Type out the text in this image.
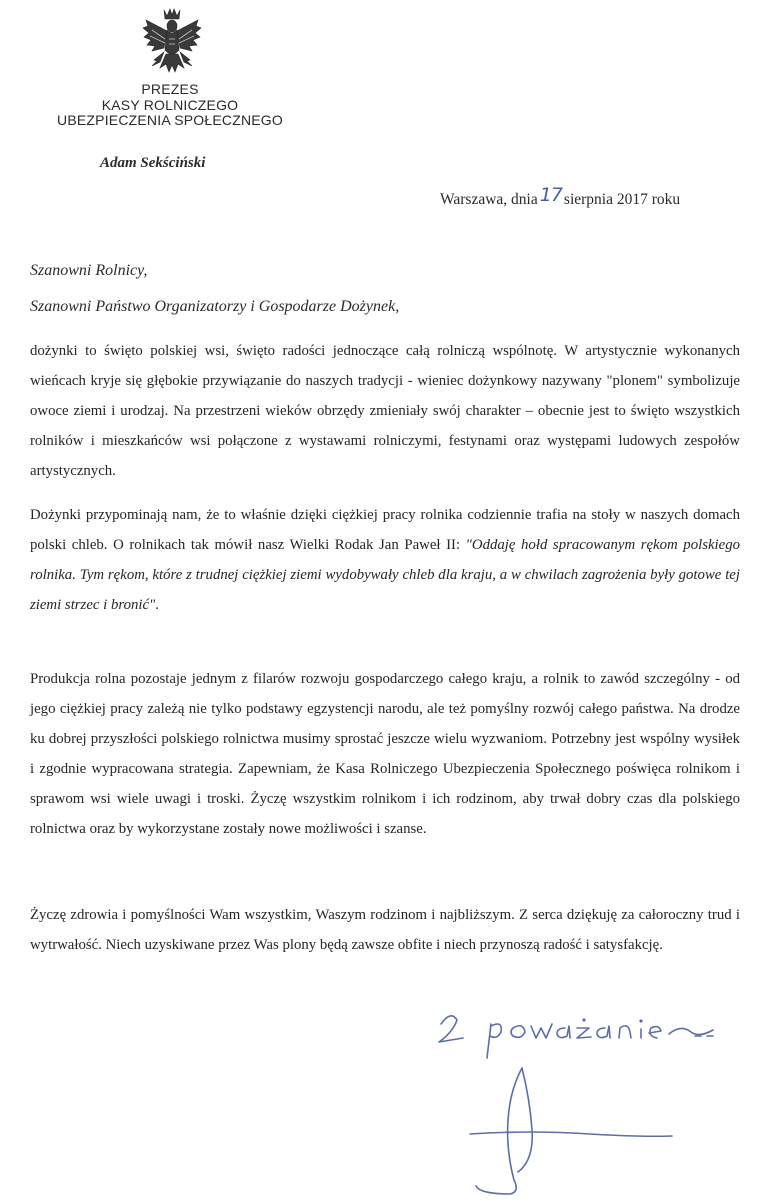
PREZES
KASY ROLNICZEGO
UBEZPIECZENIA SPOŁECZNEGO
Adam Sekściński
Warszawa, dnia 17 sierpnia 2017 roku
Szanowni Rolnicy,
Szanowni Państwo Organizatorzy i Gospodarze Dożynek,
dożynki to święto polskiej wsi, święto radości jednoczące całą rolniczą wspólnotę. W artystycznie wykonanych wieńcach kryje się głębokie przywiązanie do naszych tradycji - wieniec dożynkowy nazywany "plonem" symbolizuje owoce ziemi i urodzaj. Na przestrzeni wieków obrzędy zmieniały swój charakter – obecnie jest to święto wszystkich rolników i mieszkańców wsi połączone z wystawami rolniczymi, festynami oraz występami ludowych zespołów artystycznych.
Dożynki przypominają nam, że to właśnie dzięki ciężkiej pracy rolnika codziennie trafia na stoły w naszych domach polski chleb. O rolnikach tak mówił nasz Wielki Rodak Jan Paweł II: "Oddaję hołd spracowanym rękom polskiego rolnika. Tym rękom, które z trudnej ciężkiej ziemi wydobywały chleb dla kraju, a w chwilach zagrożenia były gotowe tej ziemi strzec i bronić".
Produkcja rolna pozostaje jednym z filarów rozwoju gospodarczego całego kraju, a rolnik to zawód szczególny - od jego ciężkiej pracy zależą nie tylko podstawy egzystencji narodu, ale też pomyślny rozwój całego państwa. Na drodze ku dobrej przyszłości polskiego rolnictwa musimy sprostać jeszcze wielu wyzwaniom. Potrzebny jest wspólny wysiłek i zgodnie wypracowana strategia. Zapewniam, że Kasa Rolniczego Ubezpieczenia Społecznego poświęca rolnikom i sprawom wsi wiele uwagi i troski. Życzę wszystkim rolnikom i ich rodzinom, aby trwał dobry czas dla polskiego rolnictwa oraz by wykorzystane zostały nowe możliwości i szanse.
Życzę zdrowia i pomyślności Wam wszystkim, Waszym rodzinom i najbliższym. Z serca dziękuję za całoroczny trud i wytrwałość. Niech uzyskiwane przez Was plony będą zawsze obfite i niech przynoszą radość i satysfakcję.
